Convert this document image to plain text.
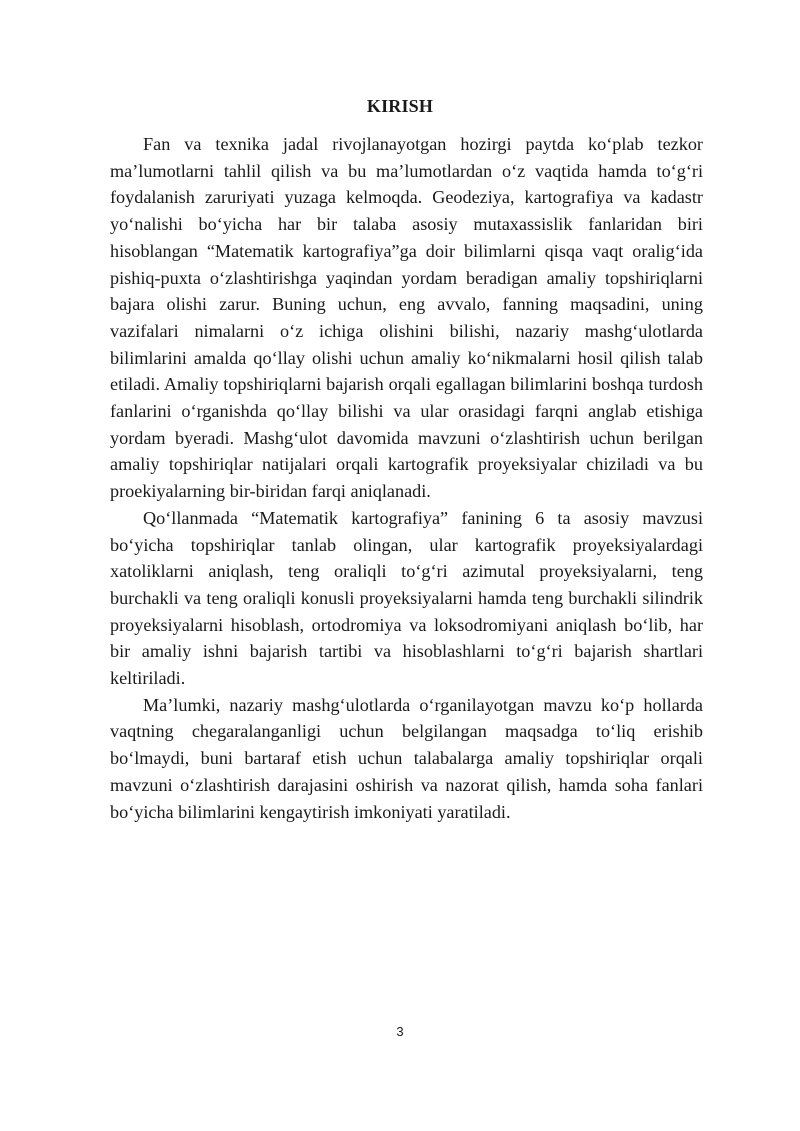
KIRISH

Fan va texnika jadal rivojlanayotgan hozirgi paytda koʻplab tezkor maʼlumotlarni tahlil qilish va bu maʼlumotlardan oʻz vaqtida hamda toʻgʻri foydalanish zaruriyati yuzaga kelmoqda. Geodeziya, kartografiya va kadastr yoʻnalishi boʻyicha har bir talaba asosiy mutaxassislik fanlaridan biri hisoblangan “Matematik kartografiya”ga doir bilimlarni qisqa vaqt oraligʻida pishiq-puxta oʻzlashtirishga yaqindan yordam beradigan amaliy topshiriqlarni bajara olishi zarur. Buning uchun, eng avvalo, fanning maqsadini, uning vazifalari nimalarni oʻz ichiga olishini bilishi, nazariy mashgʻulotlarda bilimlarini amalda qoʻllay olishi uchun amaliy koʻnikmalarni hosil qilish talab etiladi. Amaliy topshiriqlarni bajarish orqali egallagan bilimlarini boshqa turdosh fanlarini oʻrganishda qoʻllay bilishi va ular orasidagi farqni anglab etishiga yordam byeradi. Mashgʻulot davomida mavzuni oʻzlashtirish uchun berilgan amaliy topshiriqlar natijalari orqali kartografik proyeksiyalar chiziladi va bu proekiyalarning bir-biridan farqi aniqlanadi.

Qoʻllanmada “Matematik kartografiya” fanining 6 ta asosiy mavzusi boʻyicha topshiriqlar tanlab olingan, ular kartografik proyeksiyalardagi xatoliklarni aniqlash, teng oraliqli toʻgʻri azimutal proyeksiyalarni, teng burchakli va teng oraliqli konusli proyeksiyalarni hamda teng burchakli silindrik proyeksiyalarni hisoblash, ortodromiya va loksodromiyani aniqlash boʻlib, har bir amaliy ishni bajarish tartibi va hisoblashlarni toʻgʻri bajarish shartlari keltiriladi.

Maʼlumki, nazariy mashgʻulotlarda oʻrganilayotgan mavzu koʻp hollarda vaqtning chegaralanganligi uchun belgilangan maqsadga toʻliq erishib boʻlmaydi, buni bartaraf etish uchun talabalarga amaliy topshiriqlar orqali mavzuni oʻzlashtirish darajasini oshirish va nazorat qilish, hamda soha fanlari boʻyicha bilimlarini kengaytirish imkoniyati yaratiladi.

3
